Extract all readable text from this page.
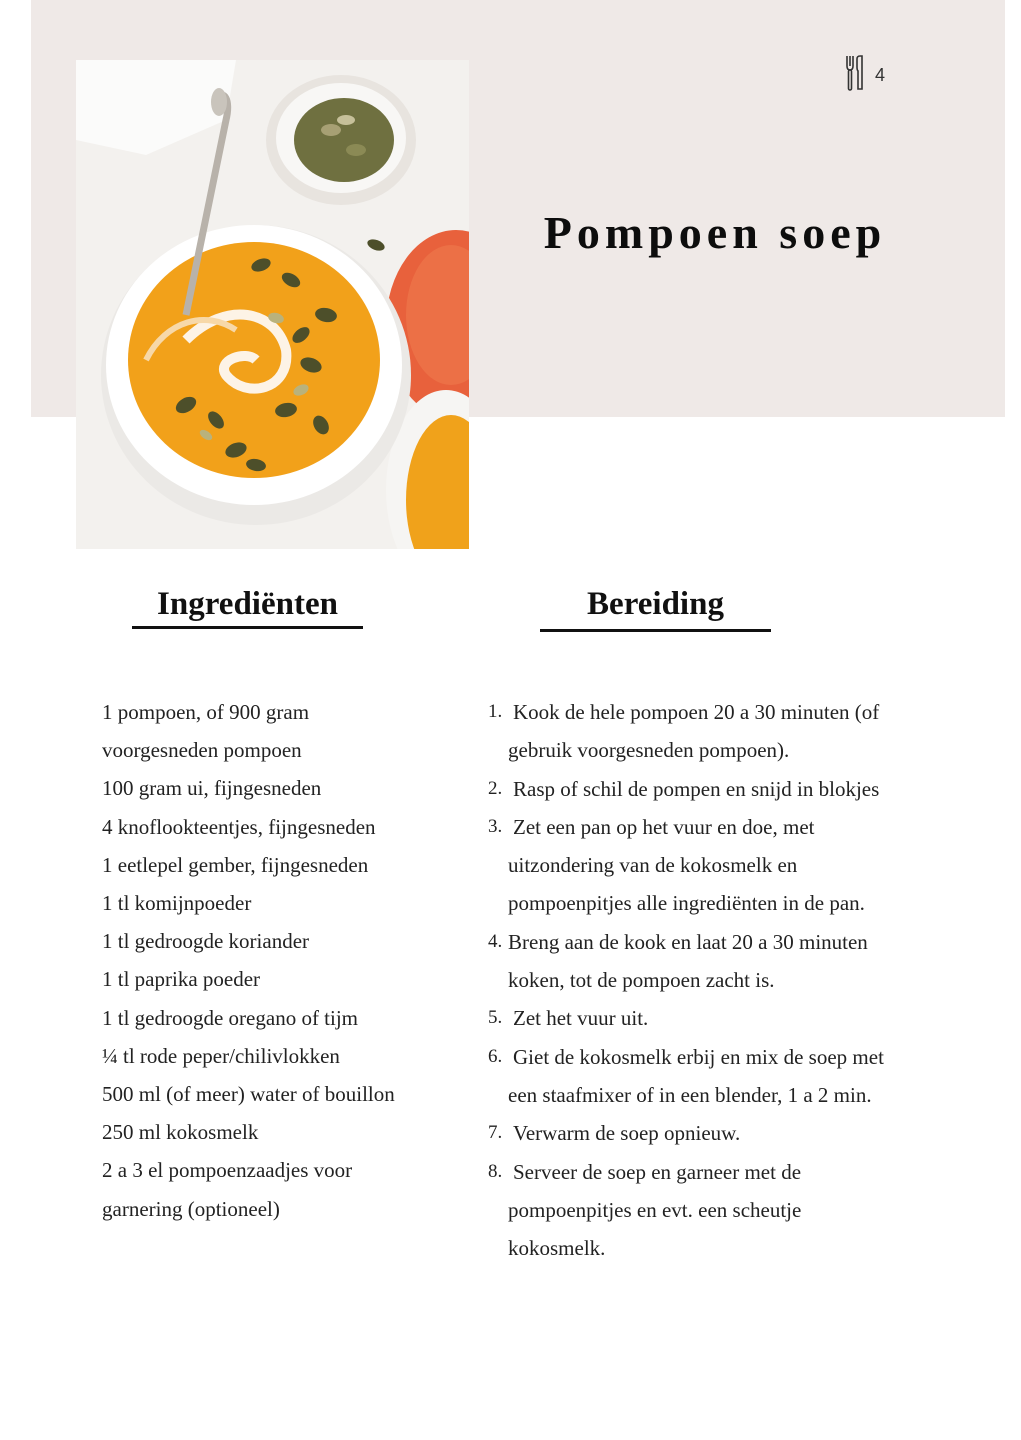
4
Pompoen soep
Ingrediënten	Bereiding
1 pompoen, of 900 gram
voorgesneden pompoen
100 gram ui, fijngesneden
4 knoflookteentjes, fijngesneden
1 eetlepel gember, fijngesneden
1 tl komijnpoeder
1 tl gedroogde koriander
1 tl paprika poeder
1 tl gedroogde oregano of tijm
¼ tl rode peper/chilivlokken
500 ml (of meer) water of bouillon
250 ml kokosmelk
2 a 3 el pompoenzaadjes voor
garnering (optioneel)
1. Kook de hele pompoen 20 a 30 minuten (of
gebruik voorgesneden pompoen).
2. Rasp of schil de pompen en snijd in blokjes
3. Zet een pan op het vuur en doe, met
uitzondering van de kokosmelk en
pompoenpitjes alle ingrediënten in de pan.
4. Breng aan de kook en laat 20 a 30 minuten
koken, tot de pompoen zacht is.
5. Zet het vuur uit.
6. Giet de kokosmelk erbij en mix de soep met
een staafmixer of in een blender, 1 a 2 min.
7. Verwarm de soep opnieuw.
8. Serveer de soep en garneer met de
pompoenpitjes en evt. een scheutje
kokosmelk.
